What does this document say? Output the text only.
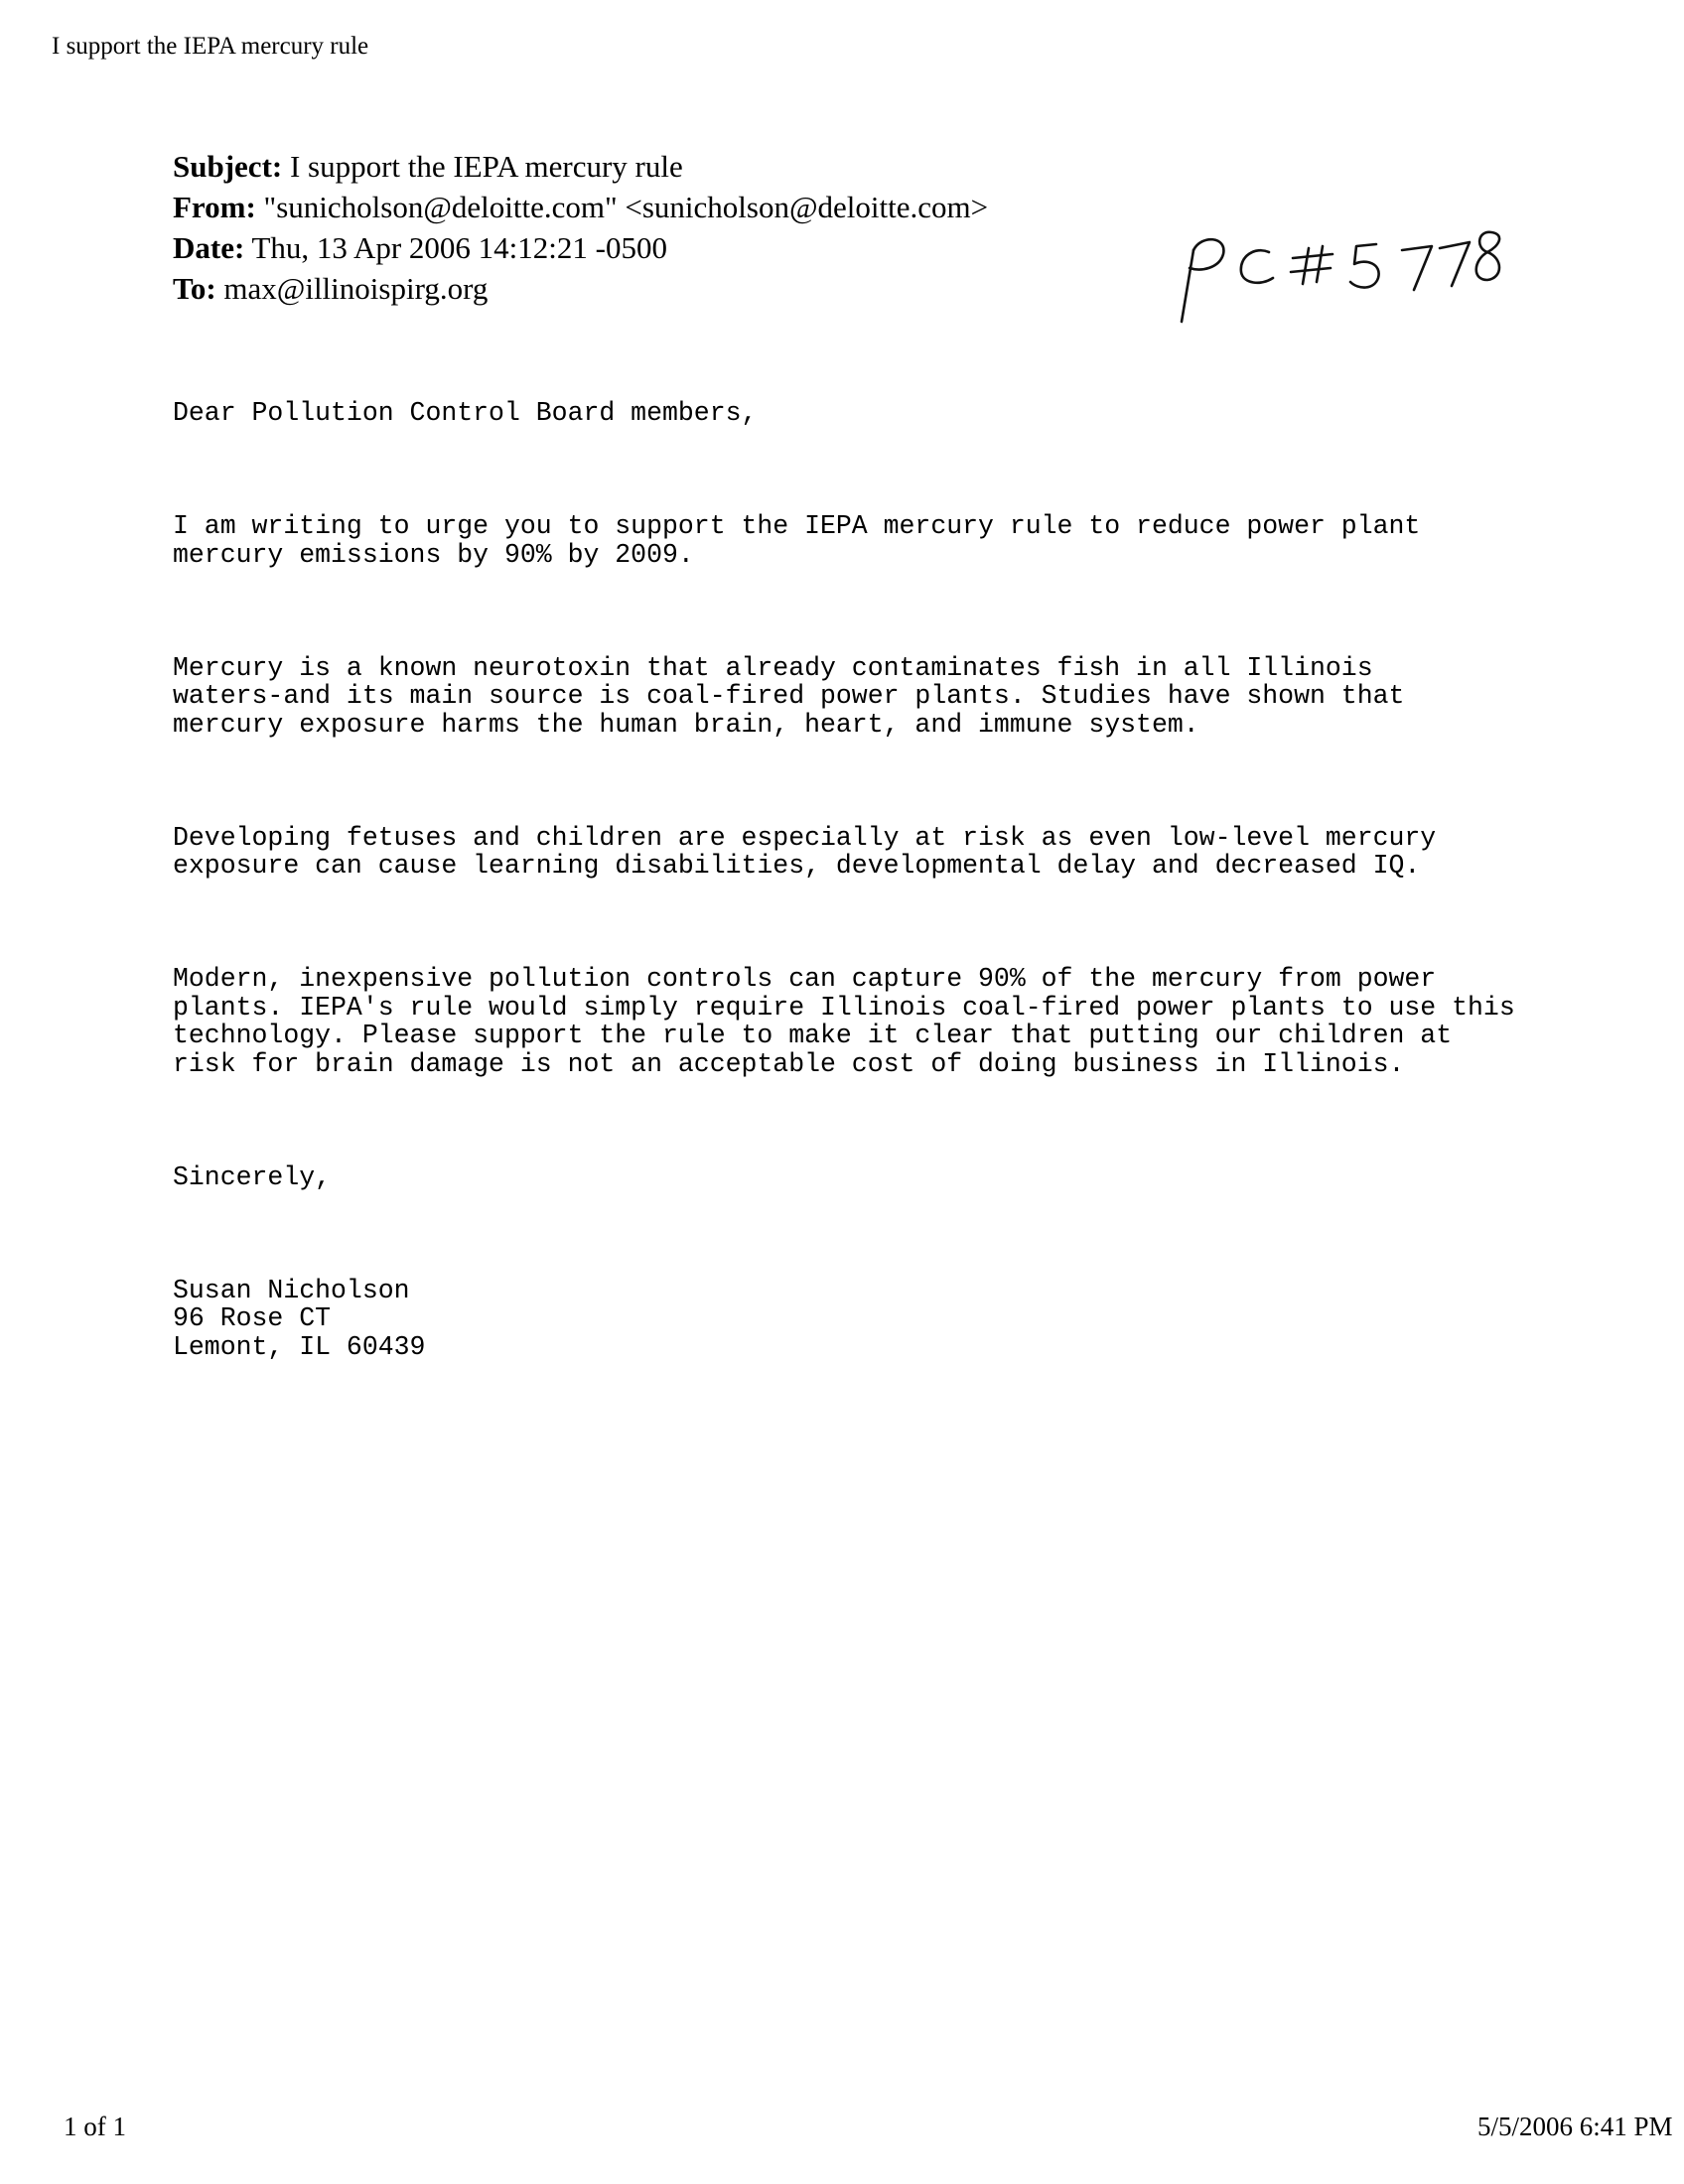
I support the IEPA mercury rule
Subject: I support the IEPA mercury rule
From: "sunicholson@deloitte.com" <sunicholson@deloitte.com>
Date: Thu, 13 Apr 2006 14:12:21 -0500
To: max@illinoispirg.org

Dear Pollution Control Board members,

I am writing to urge you to support the IEPA mercury rule to reduce power plant
mercury emissions by 90% by 2009.

Mercury is a known neurotoxin that already contaminates fish in all Illinois
waters-and its main source is coal-fired power plants. Studies have shown that
mercury exposure harms the human brain, heart, and immune system.

Developing fetuses and children are especially at risk as even low-level mercury
exposure can cause learning disabilities, developmental delay and decreased IQ.

Modern, inexpensive pollution controls can capture 90% of the mercury from power
plants. IEPA's rule would simply require Illinois coal-fired power plants to use this
technology. Please support the rule to make it clear that putting our children at
risk for brain damage is not an acceptable cost of doing business in Illinois.

Sincerely,

Susan Nicholson
96 Rose CT
Lemont, IL 60439

1 of 1	5/5/2006 6:41 PM
